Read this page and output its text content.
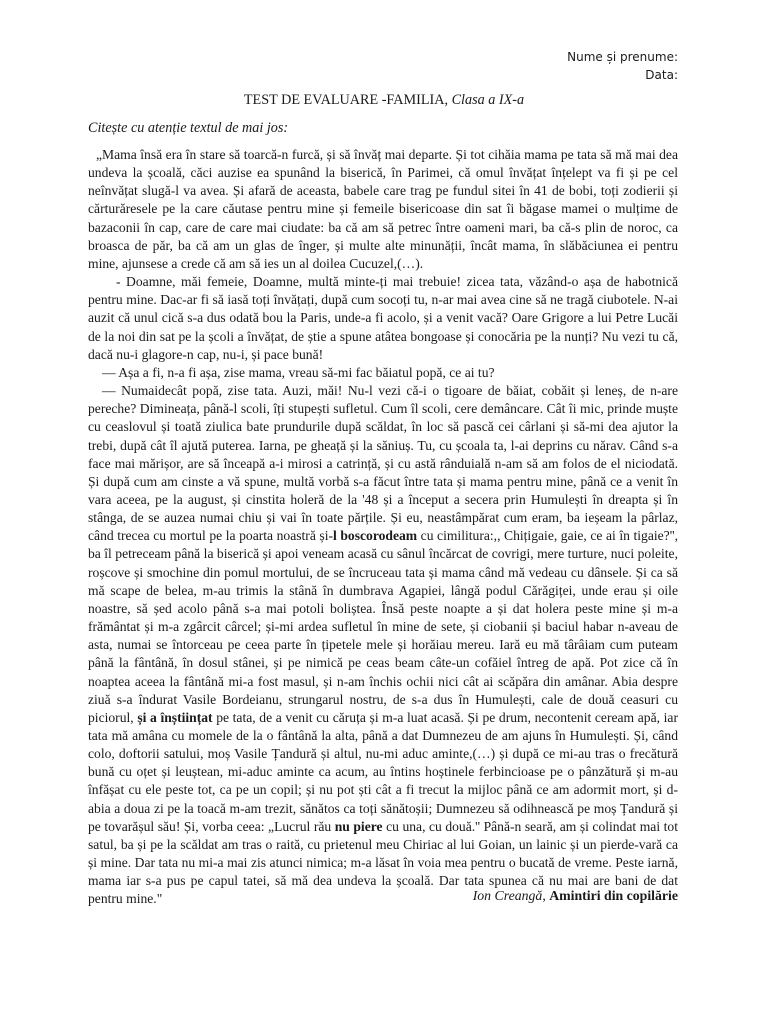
Nume și prenume:
Data:
TEST DE EVALUARE -FAMILIA, Clasa a IX-a
Citește cu atenție textul de mai jos:

„Mama însă era în stare să toarcă-n furcă, și să învăț mai departe. Și tot cihăia mama pe tata să mă mai dea undeva la școală, căci auzise ea spunând la biserică, în Parimei, că omul învățat înțelept va fi și pe cel neînvățat slugă-l va avea. Și afară de aceasta, babele care trag pe fundul sitei în 41 de bobi, toți zodierii și cărturăresele pe la care căutase pentru mine și femeile bisericoase din sat îi băgase mamei o mulțime de bazaconii în cap, care de care mai ciudate: ba că am să petrec între oameni mari, ba că-s plin de noroc, ca broasca de păr, ba că am un glas de înger, și multe alte minunății, încât mama, în slăbăciunea ei pentru mine, ajunsese a crede că am să ies un al doilea Cucuzel,(…).

- Doamne, măi femeie, Doamne, multă minte-ți mai trebuie! zicea tata, văzând-o așa de habotnică pentru mine. Dac-ar fi să iasă toți învățați, după cum socoți tu, n-ar mai avea cine să ne tragă ciubotele. N-ai auzit că unul cică s-a dus odată bou la Paris, unde-a fi acolo, și a venit vacă? Oare Grigore a lui Petre Lucăi de la noi din sat pe la școli a învățat, de știe a spune atâtea bongoase și conocăria pe la nunți? Nu vezi tu că, dacă nu-i glagore-n cap, nu-i, și pace bună!

— Așa a fi, n-a fi așa, zise mama, vreau să-mi fac băiatul popă, ce ai tu?

— Numaidecât popă, zise tata. Auzi, măi! Nu-l vezi că-i o tigoare de băiat, cobăit și leneș, de n-are pereche? Dimineața, până-l scoli, îți stupești sufletul. Cum îl scoli, cere demâncare. Cât îi mic, prinde muște cu ceaslovul și toată ziulica bate prundurile după scăldat, în loc să pască cei cârlani și să-mi dea ajutor la trebi, după cât îl ajută puterea. Iarna, pe gheață și la săniuș. Tu, cu școala ta, l-ai deprins cu nărav. Când s-a face mai mărișor, are să înceapă a-i mirosi a catrință, și cu astă rânduială n-am să am folos de el niciodată. Și după cum am cinste a vă spune, multă vorbă s-a făcut între tata și mama pentru mine, până ce a venit în vara aceea, pe la august, și cinstita holeră de la '48 și a început a secera prin Humulești în dreapta și în stânga, de se auzea numai chiu și vai în toate părțile. Și eu, neastâmpărat cum eram, ba ieșeam la pârlaz, când trecea cu mortul pe la poarta noastră și-l boscorodeam cu cimilitura:,, Chițigaie, gaie, ce ai în tigaie?'', ba îl petreceam până la biserică și apoi veneam acasă cu sânul încărcat de covrigi, mere turture, nuci poleite, roșcove și smochine din pomul mortului, de se încruceau tata și mama când mă vedeau cu dânsele. Și ca să mă scape de belea, m-au trimis la stână în dumbrava Agapiei, lângă podul Cărăgiței, unde erau și oile noastre, să șed acolo până s-a mai potoli boliștea. Însă peste noapte a și dat holera peste mine și m-a frământat și m-a zgârcit cârcel; și-mi ardea sufletul în mine de sete, și ciobanii și baciul habar n-aveau de asta, numai se întorceau pe ceea parte în țipetele mele și horăiau mereu. Iară eu mă târâiam cum puteam până la fântână, în dosul stânei, și pe nimică pe ceas beam câte-un cofăiel întreg de apă. Pot zice că în noaptea aceea la fântână mi-a fost masul, și n-am închis ochii nici cât ai scăpăra din amânar. Abia despre ziuă s-a îndurat Vasile Bordeianu, strungarul nostru, de s-a dus în Humulești, cale de două ceasuri cu piciorul, și a înștiințat pe tata, de a venit cu căruța și m-a luat acasă. Și pe drum, necontenit ceream apă, iar tata mă amâna cu momele de la o fântână la alta, până a dat Dumnezeu de am ajuns în Humulești. Și, când colo, doftorii satului, moș Vasile Țandură și altul, nu-mi aduc aminte,(…) și după ce mi-au tras o frecătură bună cu oțet și leuștean, mi-aduc aminte ca acum, au întins hoștinele ferbincioase pe o pânzătură și m-au înfășat cu ele peste tot, ca pe un copil; și nu pot ști cât a fi trecut la mijloc până ce am adormit mort, și d-abia a doua zi pe la toacă m-am trezit, sănătos ca toți sănătoșii; Dumnezeu să odihnească pe moș Țandură și pe tovarășul său! Și, vorba ceea: „Lucrul rău nu piere cu una, cu două.'' Până-n seară, am și colindat mai tot satul, ba și pe la scăldat am tras o raită, cu prietenul meu Chiriac al lui Goian, un lainic și un pierde-vară ca și mine. Dar tata nu mi-a mai zis atunci nimica; m-a lăsat în voia mea pentru o bucată de vreme. Peste iarnă, mama iar s-a pus pe capul tatei, să mă dea undeva la școală. Dar tata spunea că nu mai are bani de dat pentru mine."	Ion Creangă, Amintiri din copilărie
